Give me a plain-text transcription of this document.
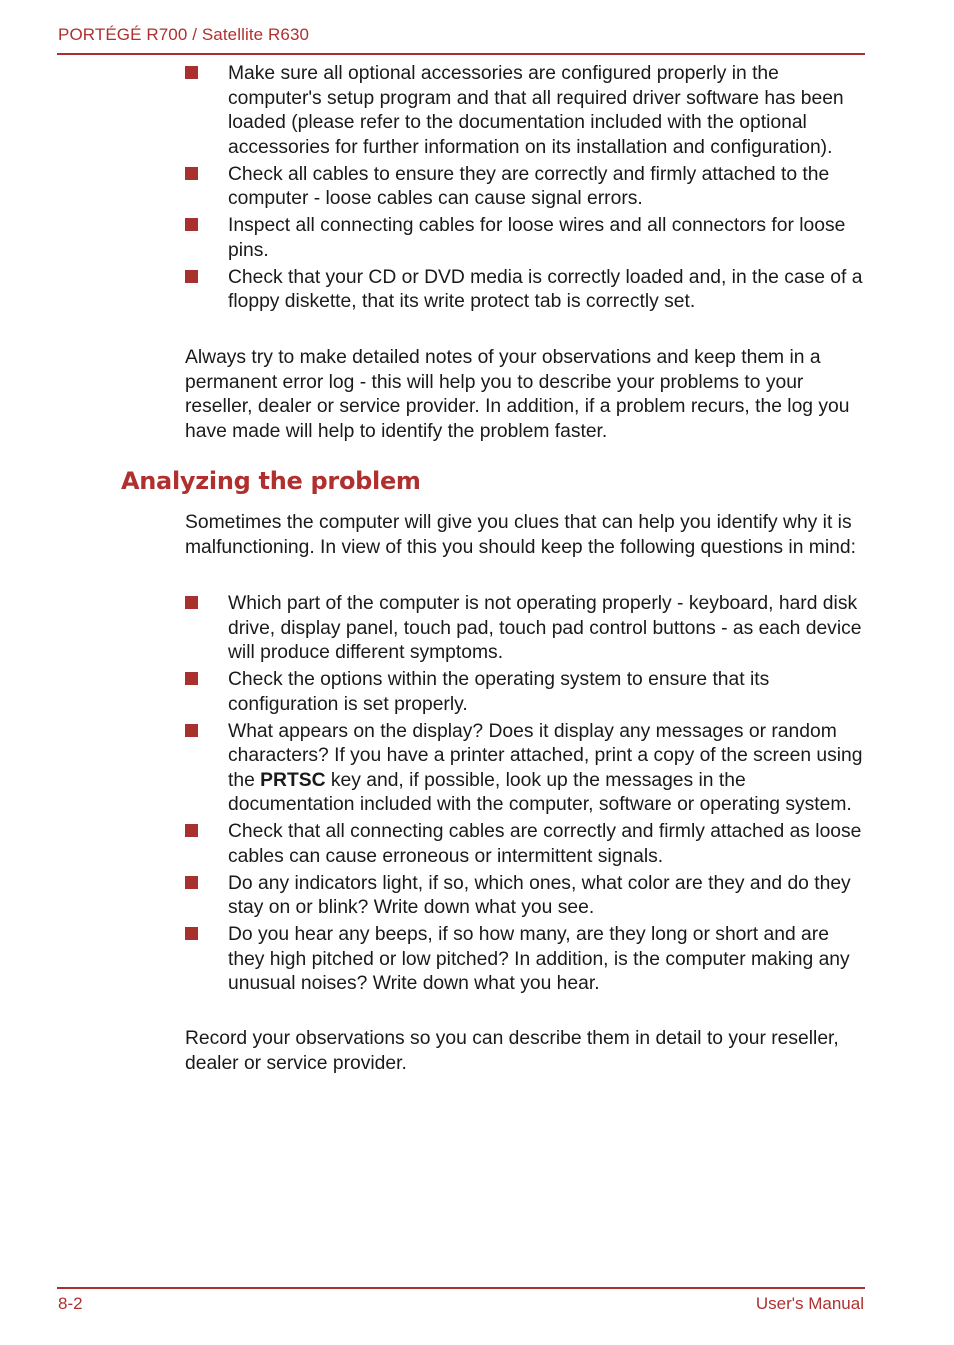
PORTÉGÉ R700 / Satellite R630
Make sure all optional accessories are configured properly in the computer's setup program and that all required driver software has been loaded (please refer to the documentation included with the optional accessories for further information on its installation and configuration).
Check all cables to ensure they are correctly and firmly attached to the computer - loose cables can cause signal errors.
Inspect all connecting cables for loose wires and all connectors for loose pins.
Check that your CD or DVD media is correctly loaded and, in the case of a floppy diskette, that its write protect tab is correctly set.

Always try to make detailed notes of your observations and keep them in a permanent error log - this will help you to describe your problems to your reseller, dealer or service provider. In addition, if a problem recurs, the log you have made will help to identify the problem faster.

Analyzing the problem

Sometimes the computer will give you clues that can help you identify why it is malfunctioning. In view of this you should keep the following questions in mind:

Which part of the computer is not operating properly - keyboard, hard disk drive, display panel, touch pad, touch pad control buttons - as each device will produce different symptoms.
Check the options within the operating system to ensure that its configuration is set properly.
What appears on the display? Does it display any messages or random characters? If you have a printer attached, print a copy of the screen using the PRTSC key and, if possible, look up the messages in the documentation included with the computer, software or operating system.
Check that all connecting cables are correctly and firmly attached as loose cables can cause erroneous or intermittent signals.
Do any indicators light, if so, which ones, what color are they and do they stay on or blink? Write down what you see.
Do you hear any beeps, if so how many, are they long or short and are they high pitched or low pitched? In addition, is the computer making any unusual noises? Write down what you hear.

Record your observations so you can describe them in detail to your reseller, dealer or service provider.

8-2	User's Manual
